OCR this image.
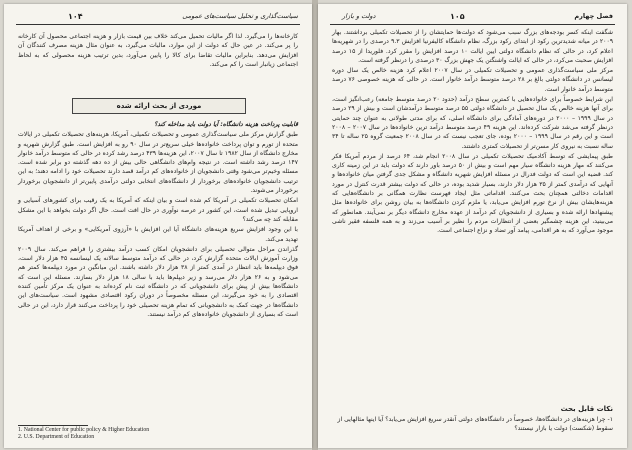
١٠۴	سیاست‌گذاری و تحلیل سیاست‌های عمومی

کارخانه‌ها را می‌گیرد. لذا اگر مالیات تحمیل می‌کند خلاف بین قیمت بازار و هزینه اجتماعی محصول آن کارخانه را پر می‌کند. در عین حال که دولت از این موارد، مالیات می‌گیرد، به عنوان مثال هزینه مصرف کنندگان آن افزایش می‌دهد. بنابراین مالیات تقاضا برای کالا را پایین می‌آورد، بدین ترتیب هزینه محصولی که به لحاظ اجتماعی زیانبار است را کم می‌کند.

موردی از بحث ارائه شده

قابلیت پرداخت هزینه دانشگاه: آیا دولت باید مداخله کند؟

طبق گزارش مرکز ملی سیاست‌گذاری عمومی و تحصیلات تکمیلی، آمریکا، هزینه‌های تحصیلات تکمیلی در ایالات متحده از تورم و توان پرداخت خانواده‌ها خیلی سریع‌تر در سال ۹۰ رو به افزایش است. طبق گزارش شهریه و مخارج دانشگاه از سال ۱۹۸۲ تا سال ۲۰۰۷، این هزینه‌ها ۴۳۹ درصد رشد کرده در حالی که متوسط درآمد خانوار ۱۴۷ درصد رشد داشته است. در نتیجه وام‌های دانشگاهی حالی بیش از ده دهه گذشته دو برابر شده است. مسئله وخیم‌تر می‌شود وقتی دانشجویان از خانواده‌های کم درآمد قصد دارند تحصیلات خود را ادامه دهند؛ به این ترتیب دانشجویان خانواده‌های برخوردار از دانشگاه‌های انتخابی دولتی درآمدی پایین‌تر از دانشجویان برخوردار برخوردار می‌شوند.

امکان تحصیلات تکمیلی در آمریکا کم شده است و بیان اینکه که آمریکا به یک رقیب برای کشورهای آسیایی و اروپایی تبدیل شده است، این کشور در عرصه نوآوری در حال افت است. حال اگر دولت بخواهد با این مشکل مقابله کند چه می‌کند؟

با این وجود افزایش سریع هزینه‌های دانشگاه آیا این افزایش با «آرزوی آمریکایی» و برخی از اهداف آمریکا تهدید می‌کند.

گذراندن مراحل متوالی تحصیلی برای دانشجویان امکان کسب درآمد بیشتری را فراهم می‌کند. سال ۲۰۰۹ وزارت آموزش ایالات متحده گزارش کرد، در حالی که درآمد متوسط سالانه یک لیسانسه ۴۵ هزار دلار است، فوق دیپلمه‌ها باید انتظار در آمدی کمتر از ۳۸ هزار دلار داشته باشند. این میانگین در مورد دیپلمه‌ها کمتر هم می‌شود و به ۲۶ هزار دلار می‌رسد و زیر دیپلم‌ها باید با سالی ۱۸ هزار دلار بسازند. مسئله این است که دانشگاه‌ها بیش از پیش برای دانشجویانی که در دانشگاه ثبت نام کرده‌اند به عنوان یک مرکز تأمین کننده اقتصادی را به خود می‌گیرند، این مسئله مخصوصاً در دوران رکود اقتصادی مشهود است. سیاست‌های این دانشگاه‌ها در جهت کمک به دانشجویانی که تمام هزینه تحصیلی خود را پرداخت می‌کنند قرار دارد، این در حالی است که بسیاری از دانشجویان خانواده‌های کم درآمد نیستند.

1. National Center for public policy & Higher Education
2. U.S. Department of Education
دولت و بازار	١٠۵	فصل چهارم

شگفت اینکه کسر بودجه‌های بزرگ سبب می‌شود که دولت‌ها حمایتشان را از تحصیلات تکمیلی برداشتند. بهار ۲۰۰۹ در میانه شدیدترین رکود از ابتدای رکود بزرگ، نظام دانشگاه کالیفرنیا افزایش ۹.۳ درصدی را در شهریه‌ها اعلام کرد، در حالی که نظام دانشگاه دولتی ایین ایالت ۱۰ درصد افزایش را مقرر کرد. فلوریدا از ۱۵ درصد افزایش صحبت می‌کرد، در حالی که ایالت واشنگتن یک جهش بزرگ ۳۰ درصدی را درنظر گرفته است.

مرکز ملی سیاست‌گذاری عمومی و تحصیلات تکمیلی در سال ۲۰۰۷ اعلام کرد هزینه خالص یک سال دوره لیسانس در دانشگاه دولتی بالغ بر ۲۸ درصد متوسط درآمد خانوار است. در حالی که هزینه خصوصی ۷۶ درصد متوسط درآمد خانوار است.

این شرایط خصوصاً برای خانواده‌هایی با کمترین سطح درآمد (حدود ۲۰ درصد متوسط جامعه) رعب‌انگیز است، برای آنها هزینه خالص یک سال تحصیل در دانشگاه دولتی ۵۵ درصد متوسط درآمدشان است و بیش از ۲۹ درصد در سال ۱۹۹۹ – ۲۰۰۰ در دوره‌های آمادگی برای دانشگاه اصلی، که برای مدتی طولانی به عنوان چند حمایتی درنظر گرفته می‌شد شرکت کرده‌اند. این هزینه ۴۹ درصد متوسط درآمد ترین خانواده‌ها در سال ۲۰۰۷ – ۲۰۰۸ است و این رقم در سال ۱۹۹۹ – ۲۰۰۰ بوده، جای تعجب نیست که در سال ۲۰۰۸ جمعیت گروه ۲۵ ساله تا ۳۴ ساله نسبت به نیروی کار مسن‌تر از تحصیلات کمتری داشتند.

طبق پیمایشی که توسط آکادمیک تحصیلات تکمیلی در سال ۲۰۰۸ انجام شد، ۶۴ درصد از مردم آمریکا فکر می‌کنند که مهار هزینه دانشگاه سیار مهم است و بیش از ۵۰ درصد باور دارند که دولت باید در این زمینه کاری کند. قضیه این است که دولت فدرال در مسئله افزایش شهریه دانشگاه و مشکل جدی گرفتن میان خانواده‌ها و آنهایی که درآمدی کمتر از ۳۵ هزار دلار دارند، بسیار شدید بوده، در حالی که دولت بیشتر قدرت کنترل در مورد اقدامات دخالتی همچنان بحث می‌کنند. اقداماتی مثل ایجاد فهرست نظارت همگانی بر دانشگاه‌هایی که هزینه‌هایشان بیش از نرخ تورم افزایش می‌یابد، یا ملزم کردن دانشگاه‌ها به بیان روشن برای خانواده‌ها مثل پیشنهادها ارائه شده و بسیاری از دانشجویان کم درآمد از عهده مخارج دانشگاه دیگر بر نمی‌آیند. همانطور که می‌بینید، این هزینه چشمگیر بعضی از انتظارات مردم را نظیر بر آسیب می‌زند و به همه فلسفه فقیر ناشی موجود می‌آورد که به هر اقدامی، پیامد آور تضاد و نزاع اجتماعی است.

نکات قابل بحث

۱- چرا هزینه‌های در دانشگاه‌ها، خصوصاً در دانشگاه‌های دولتی آنقدر سریع افزایش می‌یابد؟ آیا اینها مثالهایی از سقوط (شکست) دولت یا بازار نیستند؟
